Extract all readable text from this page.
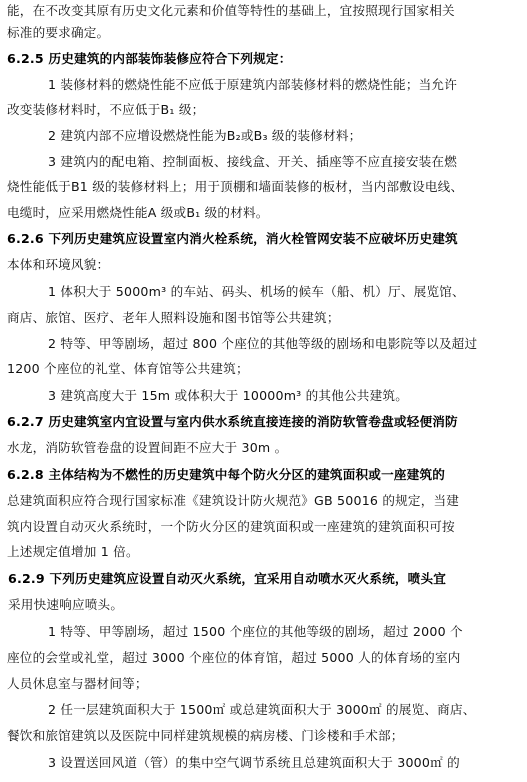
能，在不改变其原有历史文化元素和价值等特性的基础上，宜按照现行国家相关
标准的要求确定。
6.2.5 历史建筑的内部装饰装修应符合下列规定：
1 装修材料的燃烧性能不应低于原建筑内部装修材料的燃烧性能；当允许
改变装修材料时，不应低于B₁ 级；
2 建筑内部不应增设燃烧性能为B₂或B₃ 级的装修材料；
3 建筑内的配电箱、控制面板、接线盒、开关、插座等不应直接安装在燃
烧性能低于B1 级的装修材料上；用于顶棚和墙面装修的板材，当内部敷设电线、
电缆时，应采用燃烧性能A 级或B₁ 级的材料。
6.2.6 下列历史建筑应设置室内消火栓系统，消火栓管网安装不应破坏历史建筑
本体和环境风貌：
1 体积大于 5000m³ 的车站、码头、机场的候车（船、机）厅、展览馆、
商店、旅馆、医疗、老年人照料设施和图书馆等公共建筑；
2 特等、甲等剧场，超过 800 个座位的其他等级的剧场和电影院等以及超过
1200 个座位的礼堂、体育馆等公共建筑；
3 建筑高度大于 15m 或体积大于 10000m³ 的其他公共建筑。
6.2.7 历史建筑室内宜设置与室内供水系统直接连接的消防软管卷盘或轻便消防
水龙，消防软管卷盘的设置间距不应大于 30m 。
6.2.8 主体结构为不燃性的历史建筑中每个防火分区的建筑面积或一座建筑的
总建筑面积应符合现行国家标准《建筑设计防火规范》GB 50016 的规定，当建
筑内设置自动灭火系统时，一个防火分区的建筑面积或一座建筑的建筑面积可按
上述规定值增加 1 倍。
6.2.9 下列历史建筑应设置自动灭火系统，宜采用自动喷水灭火系统，喷头宜
采用快速响应喷头。
1 特等、甲等剧场，超过 1500 个座位的其他等级的剧场，超过 2000 个
座位的会堂或礼堂，超过 3000 个座位的体育馆，超过 5000 人的体育场的室内
人员休息室与器材间等；
2 任一层建筑面积大于 1500㎡ 或总建筑面积大于 3000㎡ 的展览、商店、
餐饮和旅馆建筑以及医院中同样建筑规模的病房楼、门诊楼和手术部；
3 设置送回风道（管）的集中空气调节系统且总建筑面积大于 3000㎡ 的
